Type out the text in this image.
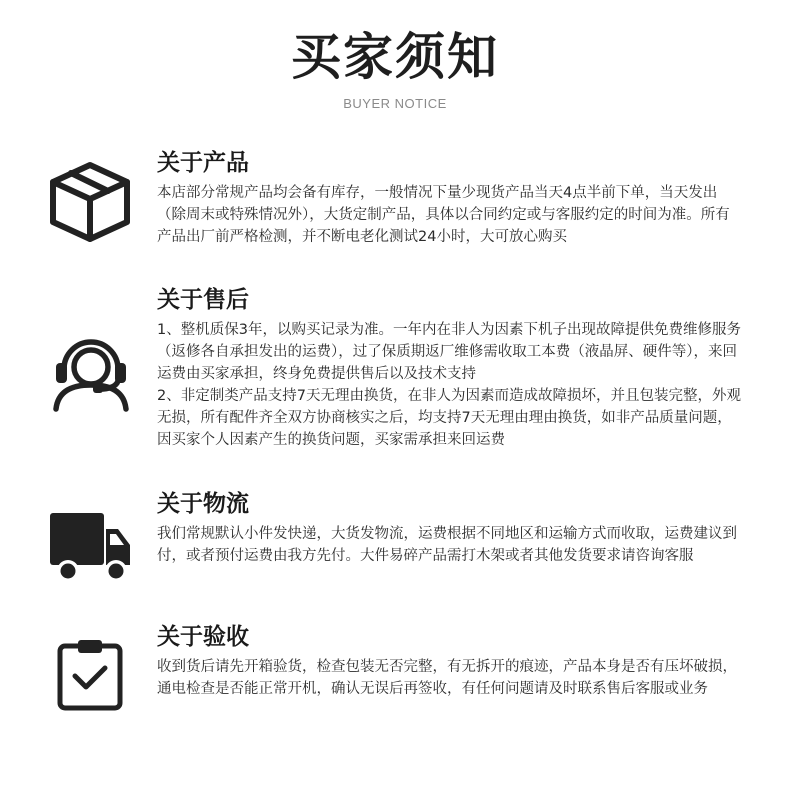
买家须知
BUYER NOTICE
关于产品

本店部分常规产品均会备有库存，一般情况下量少现货产品当天4点半前下单，当天发出（除周末或特殊情况外），大货定制产品，具体以合同约定或与客服约定的时间为准。所有产品出厂前严格检测，并不断电老化测试24小时，大可放心购买

关于售后

1、整机质保3年，以购买记录为准。一年内在非人为因素下机子出现故障提供免费维修服务（返修各自承担发出的运费），过了保质期返厂维修需收取工本费（液晶屏、硬件等），来回运费由买家承担，终身免费提供售后以及技术支持

2、非定制类产品支持7天无理由换货，在非人为因素而造成故障损坏，并且包装完整，外观无损，所有配件齐全双方协商核实之后，均支持7天无理由理由换货，如非产品质量问题，因买家个人因素产生的换货问题，买家需承担来回运费

关于物流

我们常规默认小件发快递，大货发物流，运费根据不同地区和运输方式而收取，运费建议到付，或者预付运费由我方先付。大件易碎产品需打木架或者其他发货要求请咨询客服

关于验收

收到货后请先开箱验货，检查包装无否完整，有无拆开的痕迹，产品本身是否有压坏破损，通电检查是否能正常开机，确认无误后再签收，有任何问题请及时联系售后客服或业务
